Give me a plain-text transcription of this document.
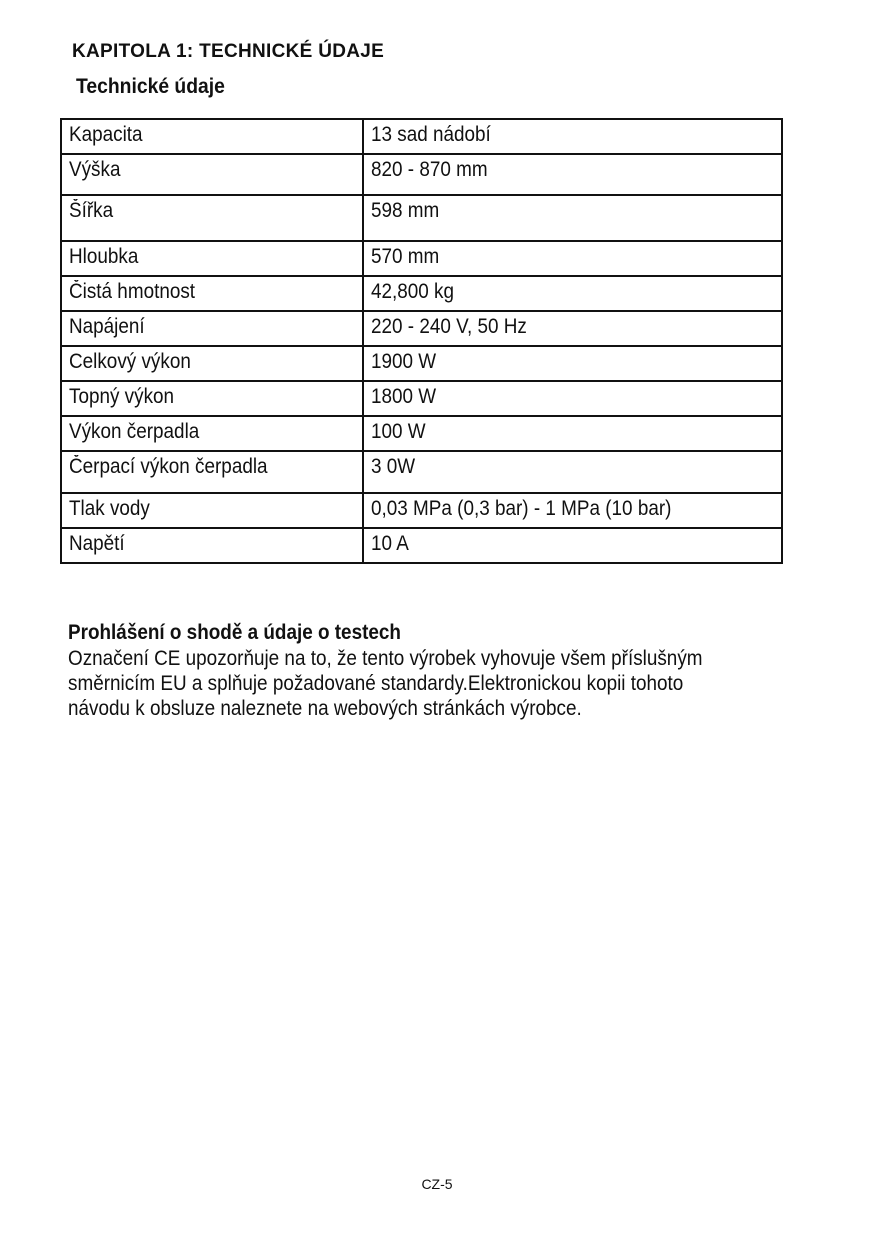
KAPITOLA 1: TECHNICKÉ ÚDAJE
Technické údaje
Kapacita	13 sad nádobí
Výška	820 - 870 mm
Šířka	598 mm
Hloubka	570 mm
Čistá hmotnost	42,800 kg
Napájení	220 - 240 V, 50 Hz
Celkový výkon	1900 W
Topný výkon	1800 W
Výkon čerpadla	100 W
Čerpací výkon čerpadla	3 0W
Tlak vody	0,03 MPa (0,3 bar) - 1 MPa (10 bar)
Napětí	10 A

Prohlášení o shodě a údaje o testech

Označení CE upozorňuje na to, že tento výrobek vyhovuje všem příslušným
směrnicím EU a splňuje požadované standardy.Elektronickou kopii tohoto
návodu k obsluze naleznete na webových stránkách výrobce.
CZ-5
